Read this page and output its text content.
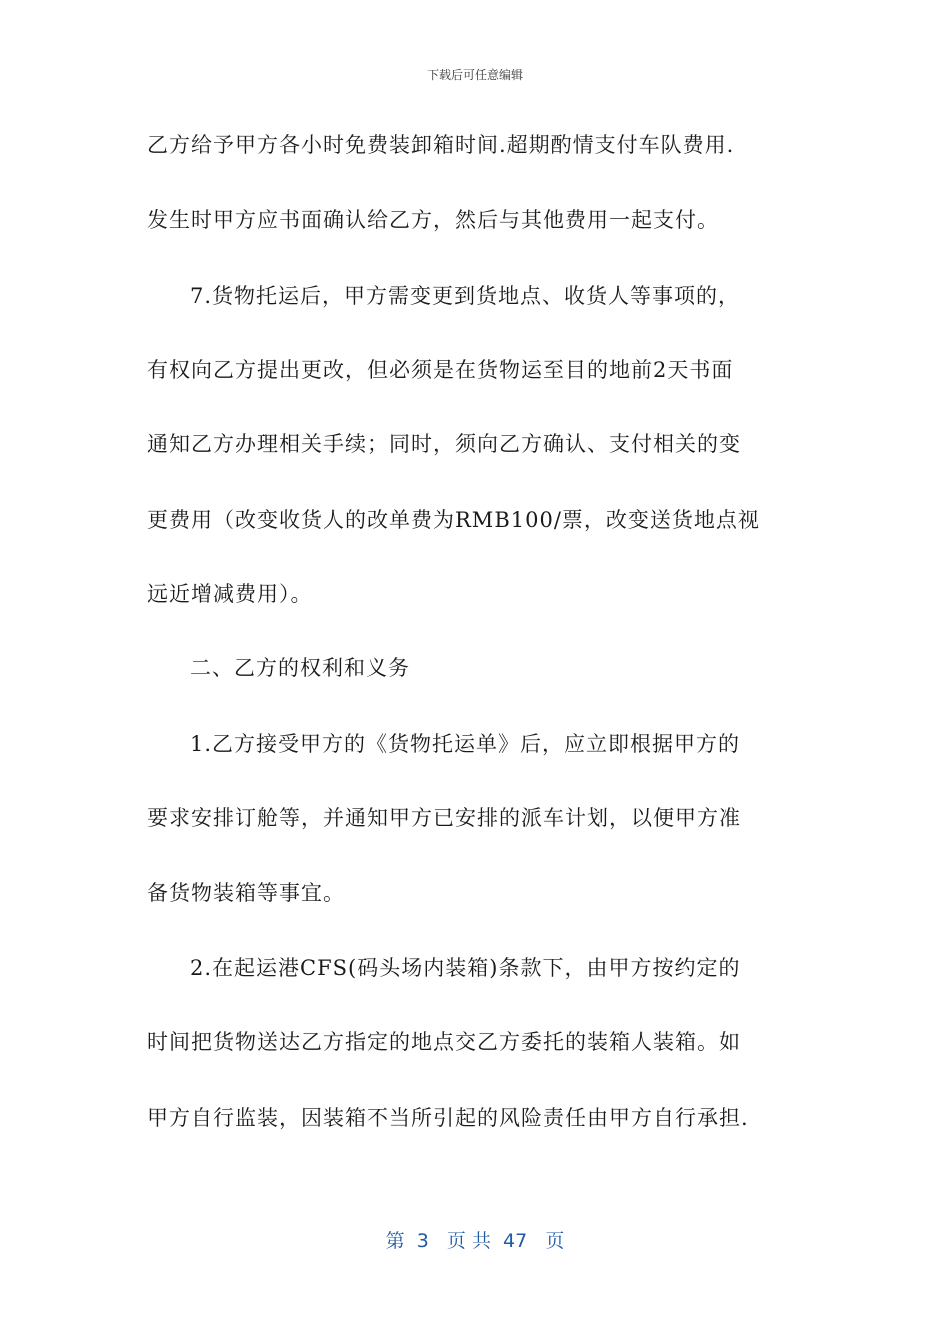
下载后可任意编辑
乙方给予甲方各小时免费装卸箱时间.超期酌情支付车队费用.
发生时甲方应书面确认给乙方，然后与其他费用一起支付。
7.货物托运后，甲方需变更到货地点、收货人等事项的，
有权向乙方提出更改，但必须是在货物运至目的地前2天书面
通知乙方办理相关手续；同时，须向乙方确认、支付相关的变
更费用（改变收货人的改单费为RMB100/票，改变送货地点视
远近增减费用）。
二、乙方的权利和义务
1.乙方接受甲方的《货物托运单》后，应立即根据甲方的
要求安排订舱等，并通知甲方已安排的派车计划，以便甲方准
备货物装箱等事宜。
2.在起运港CFS(码头场内装箱)条款下，由甲方按约定的
时间把货物送达乙方指定的地点交乙方委托的装箱人装箱。如
甲方自行监装，因装箱不当所引起的风险责任由甲方自行承担.
第  3   页 共  47   页
